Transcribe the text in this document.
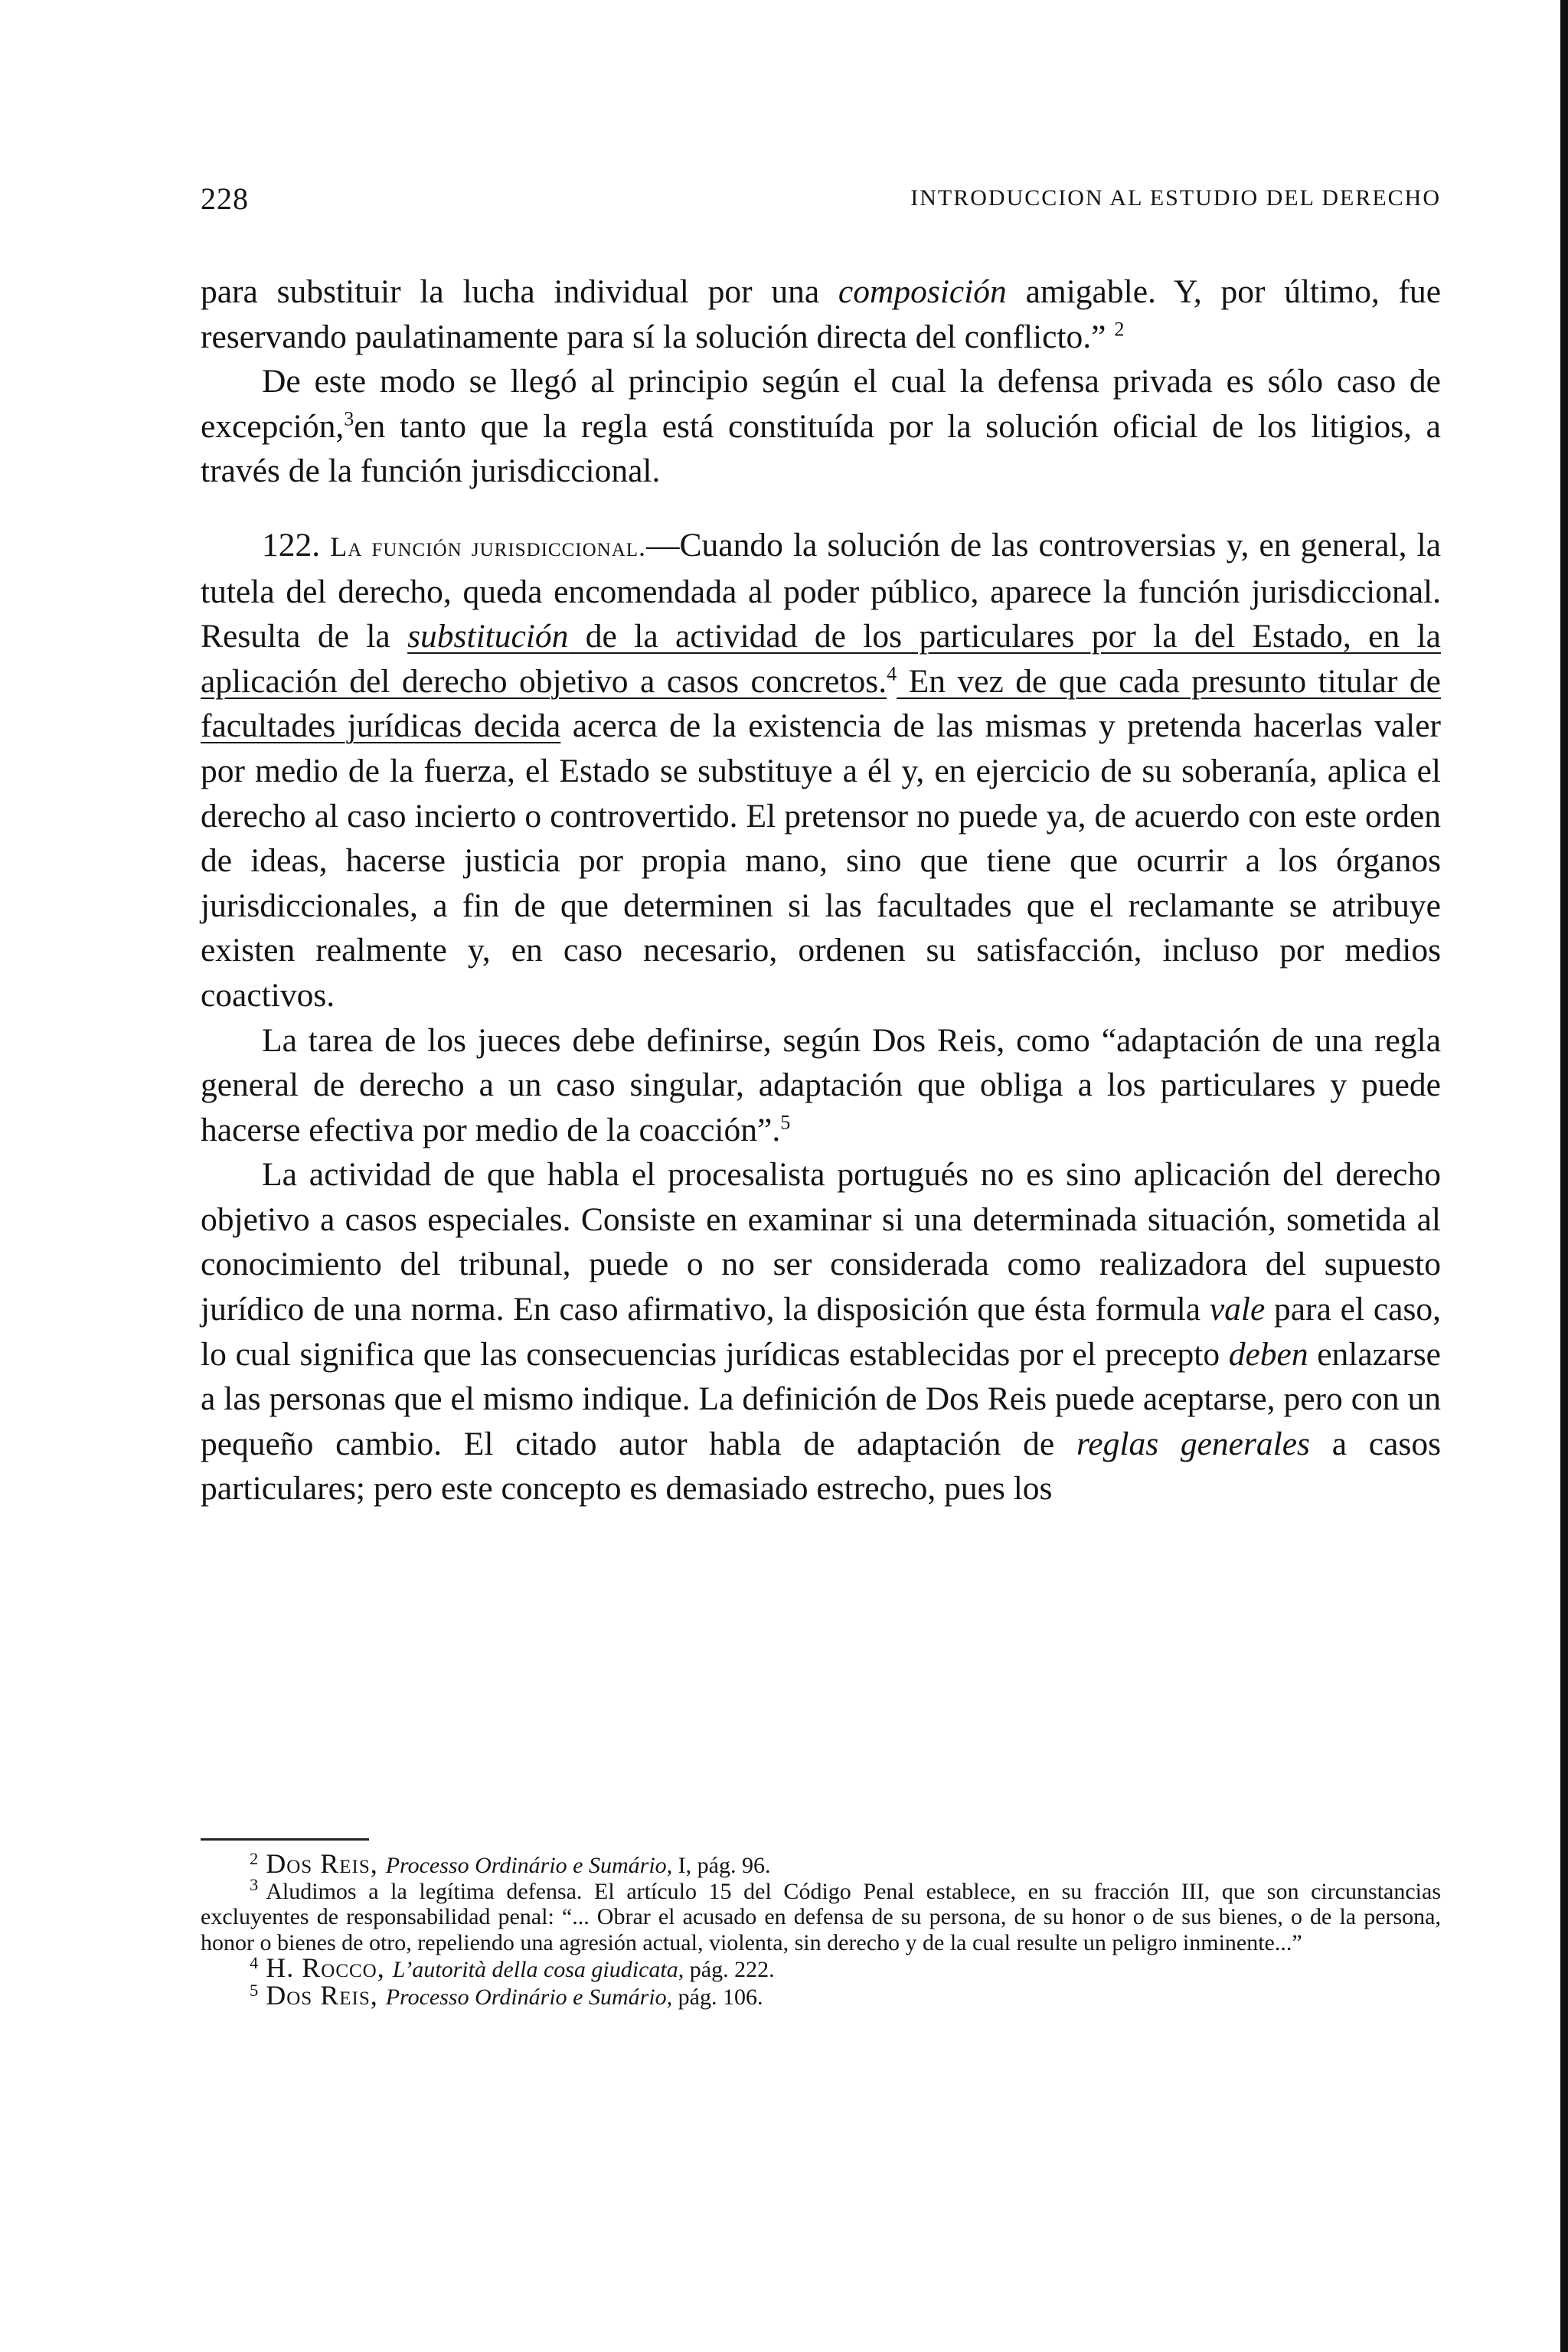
228	INTRODUCCION AL ESTUDIO DEL DERECHO

para substituir la lucha individual por una composición amigable. Y, por último, fue reservando paulatinamente para sí la solución directa del conflicto.” $^2$

De este modo se llegó al principio según el cual la defensa privada es sólo caso de excepción,$^3$en tanto que la regla está constituída por la solución oficial de los litigios, a través de la función jurisdiccional.

122. La función jurisdiccional.—Cuando la solución de las controversias y, en general, la tutela del derecho, queda encomendada al poder público, aparece la función jurisdiccional. Resulta de la substitución de la actividad de los particulares por la del Estado, en la aplicación del derecho objetivo a casos concretos.$^4$ En vez de que cada presunto titular de facultades jurídicas decida acerca de la existencia de las mismas y pretenda hacerlas valer por medio de la fuerza, el Estado se substituye a él y, en ejercicio de su soberanía, aplica el derecho al caso incierto o controvertido. El pretensor no puede ya, de acuerdo con este orden de ideas, hacerse justicia por propia mano, sino que tiene que ocurrir a los órganos jurisdiccionales, a fin de que determinen si las facultades que el reclamante se atribuye existen realmente y, en caso necesario, ordenen su satisfacción, incluso por medios coactivos.

La tarea de los jueces debe definirse, según Dos Reis, como “adaptación de una regla general de derecho a un caso singular, adaptación que obliga a los particulares y puede hacerse efectiva por medio de la coacción”.$^5$

La actividad de que habla el procesalista portugués no es sino aplicación del derecho objetivo a casos especiales. Consiste en examinar si una determinada situación, sometida al conocimiento del tribunal, puede o no ser considerada como realizadora del supuesto jurídico de una norma. En caso afirmativo, la disposición que ésta formula vale para el caso, lo cual significa que las consecuencias jurídicas establecidas por el precepto deben enlazarse a las personas que el mismo indique. La definición de Dos Reis puede aceptarse, pero con un pequeño cambio. El citado autor habla de adaptación de reglas generales a casos particulares; pero este concepto es demasiado estrecho, pues los

$^2$ Dos Reis, Processo Ordinário e Sumário, I, pág. 96.

$^3$ Aludimos a la legítima defensa. El artículo 15 del Código Penal establece, en su fracción III, que son circunstancias excluyentes de responsabilidad penal: “... Obrar el acusado en defensa de su persona, de su honor o de sus bienes, o de la persona, honor o bienes de otro, repeliendo una agresión actual, violenta, sin derecho y de la cual resulte un peligro inminente...”

$^4$ H. Rocco, L’autorità della cosa giudicata, pág. 222.

$^5$ Dos Reis, Processo Ordinário e Sumário, pág. 106.
